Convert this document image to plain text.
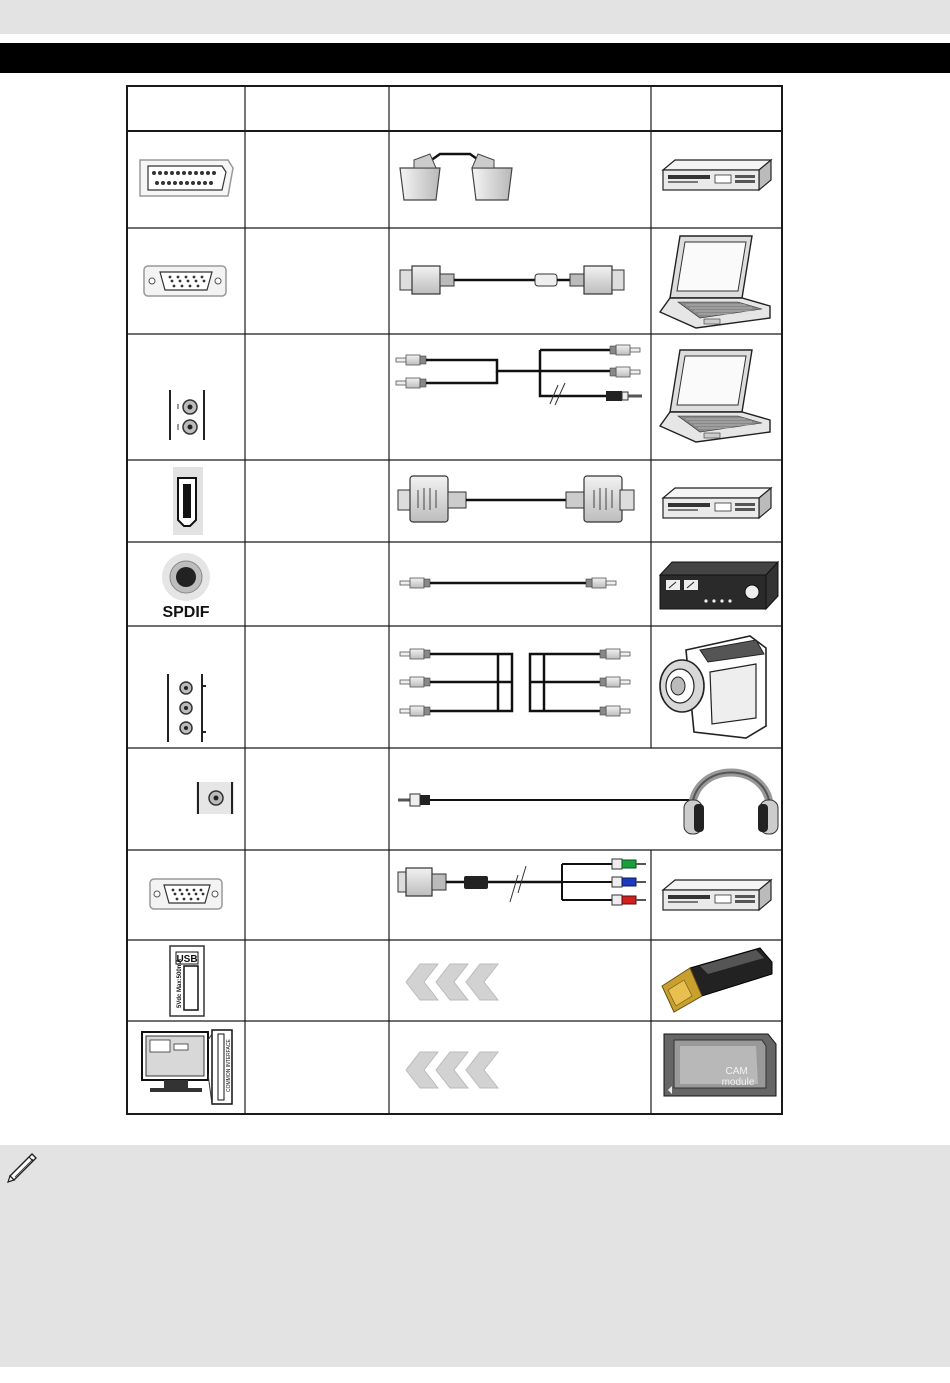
SPDIF
USB
5Vdc Max:500mA
COMMON INTERFACE	CAM module
